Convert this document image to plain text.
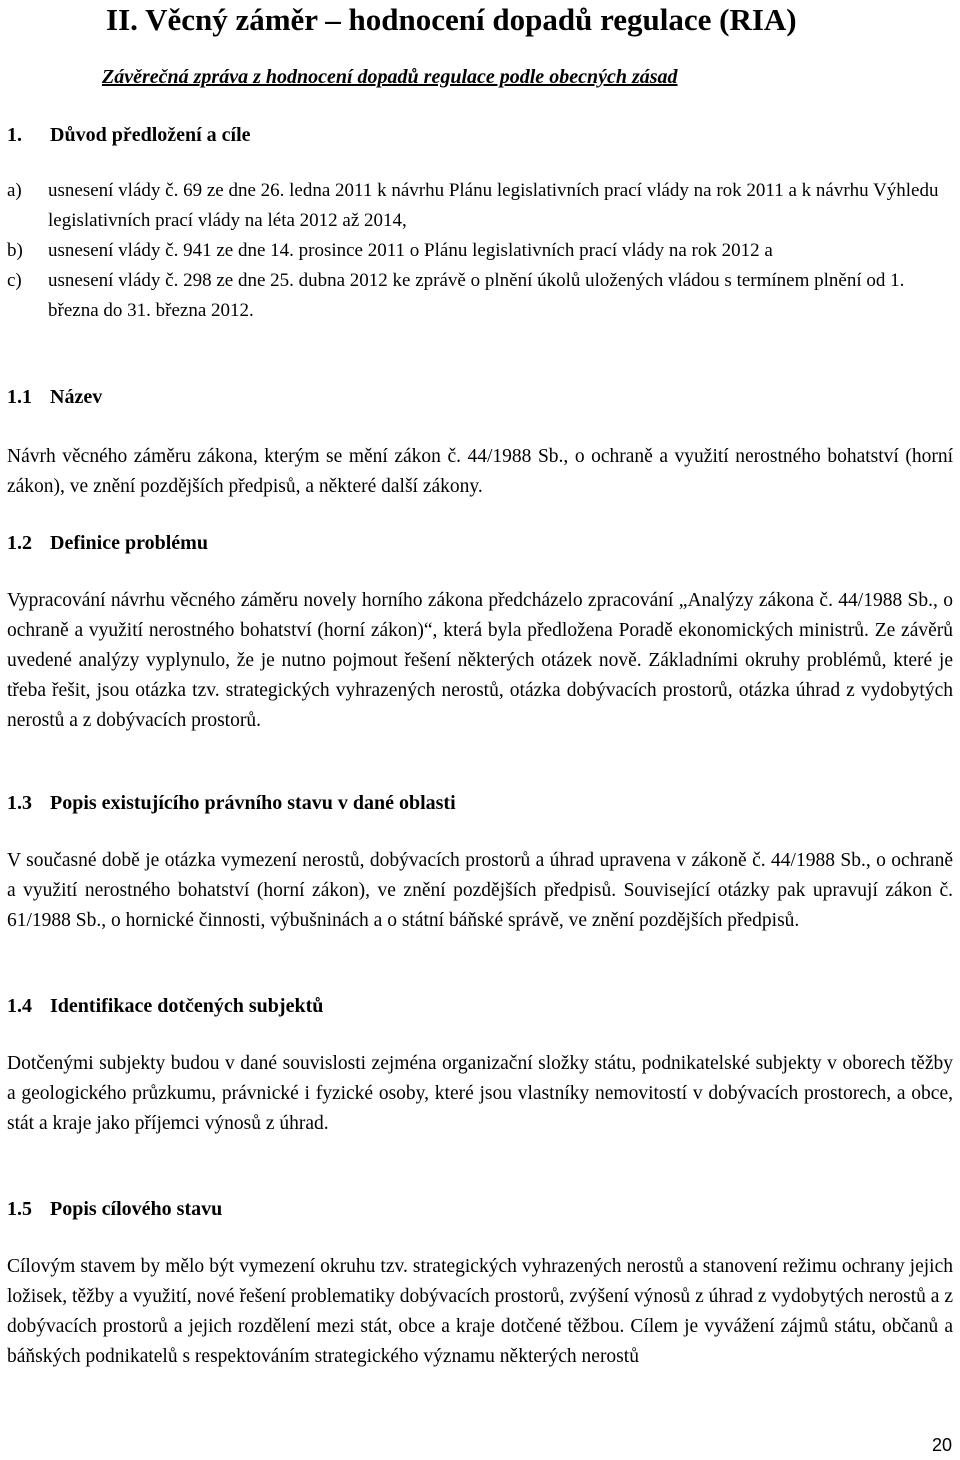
II. Věcný záměr – hodnocení dopadů regulace (RIA)
Závěrečná zpráva z hodnocení dopadů regulace podle obecných zásad
1. Důvod předložení a cíle
a) usnesení vlády č. 69 ze dne 26. ledna 2011 k návrhu Plánu legislativních prací vlády na rok 2011 a k návrhu Výhledu legislativních prací vlády na léta 2012 až 2014,
b) usnesení vlády č. 941 ze dne 14. prosince 2011 o Plánu legislativních prací vlády na rok 2012 a
c) usnesení vlády č. 298 ze dne 25. dubna 2012 ke zprávě o plnění úkolů uložených vládou s termínem plnění od 1. března do 31. března 2012.
1.1 Název

Návrh věcného záměru zákona, kterým se mění zákon č. 44/1988 Sb., o ochraně a využití nerostného bohatství (horní zákon), ve znění pozdějších předpisů, a některé další zákony.

1.2 Definice problému

Vypracování návrhu věcného záměru novely horního zákona předcházelo zpracování „Analýzy zákona č. 44/1988 Sb., o ochraně a využití nerostného bohatství (horní zákon)“, která byla předložena Poradě ekonomických ministrů. Ze závěrů uvedené analýzy vyplynulo, že je nutno pojmout řešení některých otázek nově. Základními okruhy problémů, které je třeba řešit, jsou otázka tzv. strategických vyhrazených nerostů, otázka dobývacích prostorů, otázka úhrad z vydobytých nerostů a z dobývacích prostorů.

1.3 Popis existujícího právního stavu v dané oblasti

V současné době je otázka vymezení nerostů, dobývacích prostorů a úhrad upravena v zákoně č. 44/1988 Sb., o ochraně a využití nerostného bohatství (horní zákon), ve znění pozdějších předpisů. Související otázky pak upravují zákon č. 61/1988 Sb., o hornické činnosti, výbušninách a o státní báňské správě, ve znění pozdějších předpisů.

1.4 Identifikace dotčených subjektů

Dotčenými subjekty budou v dané souvislosti zejména organizační složky státu, podnikatelské subjekty v oborech těžby a geologického průzkumu, právnické i fyzické osoby, které jsou vlastníky nemovitostí v dobývacích prostorech, a obce, stát a kraje jako příjemci výnosů z úhrad.

1.5 Popis cílového stavu

Cílovým stavem by mělo být vymezení okruhu tzv. strategických vyhrazených nerostů a stanovení režimu ochrany jejich ložisek, těžby a využití, nové řešení problematiky dobývacích prostorů, zvýšení výnosů z úhrad z vydobytých nerostů a z dobývacích prostorů a jejich rozdělení mezi stát, obce a kraje dotčené těžbou. Cílem je vyvážení zájmů státu, občanů a báňských podnikatelů s respektováním strategického významu některých nerostů

20
